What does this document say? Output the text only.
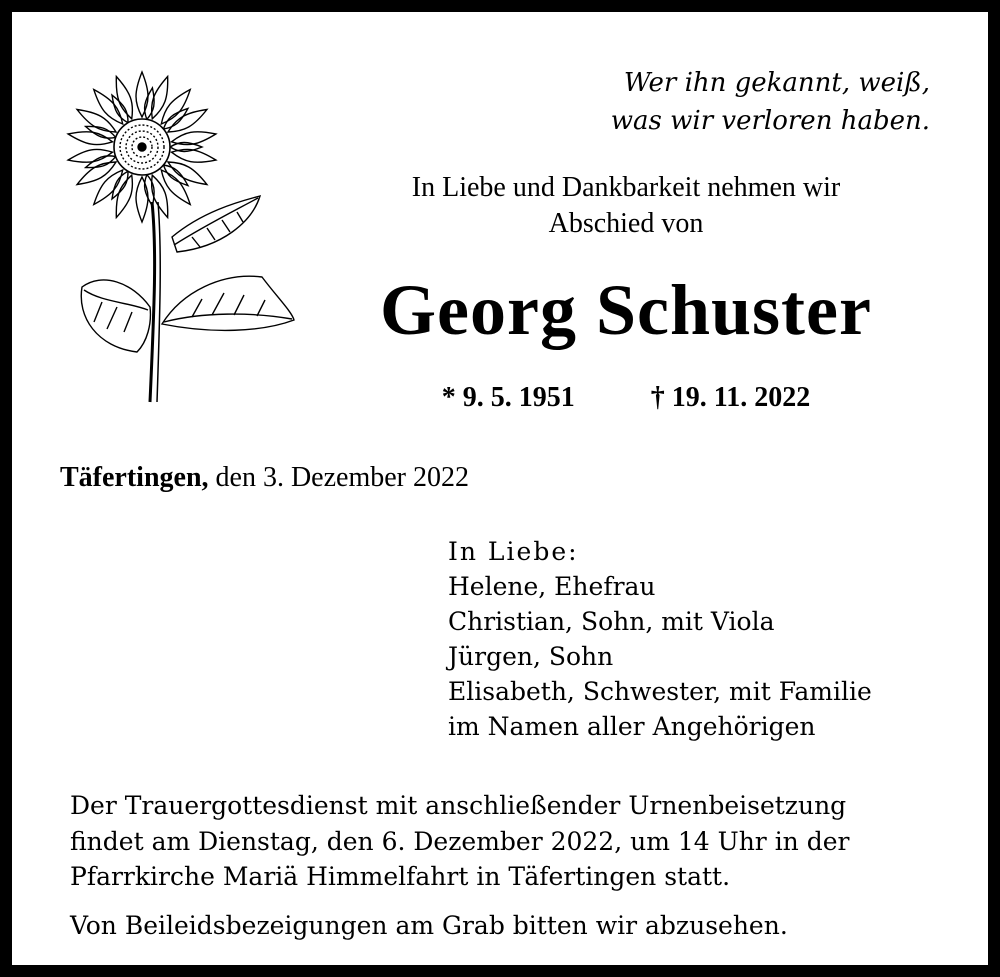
Wer ihn gekannt, weiß,
was wir verloren haben.
In Liebe und Dankbarkeit nehmen wir
Abschied von
Georg Schuster
* 9. 5. 1951	† 19. 11. 2022
Täfertingen, den 3. Dezember 2022
In Liebe:
Helene, Ehefrau
Christian, Sohn, mit Viola
Jürgen, Sohn
Elisabeth, Schwester, mit Familie
im Namen aller Angehörigen
Der Trauergottesdienst mit anschließender Urnenbeisetzung
findet am Dienstag, den 6. Dezember 2022, um 14 Uhr in der
Pfarrkirche Mariä Himmelfahrt in Täfertingen statt.
Von Beileidsbezeigungen am Grab bitten wir abzusehen.
